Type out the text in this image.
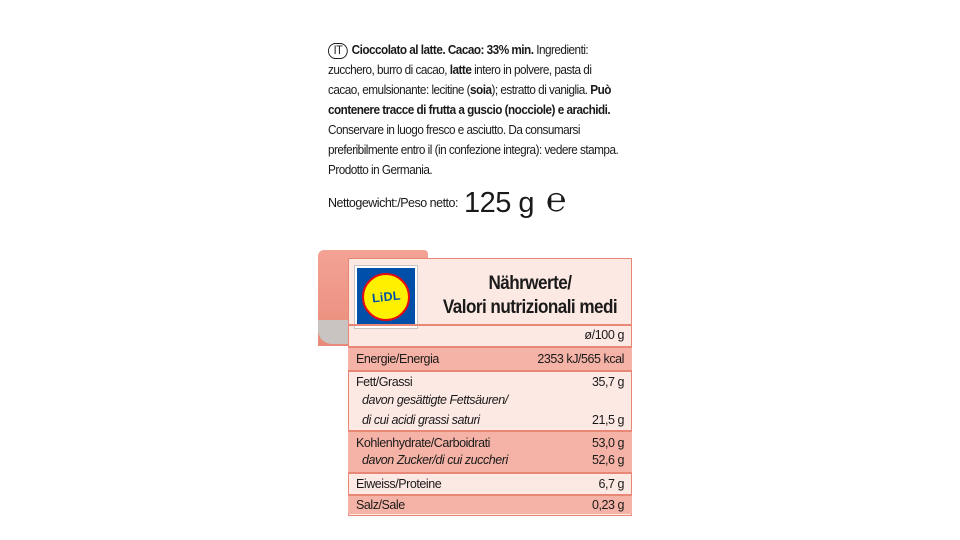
IT Cioccolato al latte. Cacao: 33% min. Ingredienti: zucchero, burro di cacao, latte intero in polvere, pasta di cacao, emulsionante: lecitine (soia); estratto di vaniglia. Può contenere tracce di frutta a guscio (nocciole) e arachidi. Conservare in luogo fresco e asciutto. Da consumarsi preferibilmente entro il (in confezione integra): vedere stampa. Prodotto in Germania.
Nettogewicht:/Peso netto: 125 g ℮
LiDL
Nährwerte/
Valori nutrizionali medi
ø/100 g
Energie/Energia	2353 kJ/565 kcal
Fett/Grassi	35,7 g
davon gesättigte Fettsäuren/
di cui acidi grassi saturi	21,5 g
Kohlenhydrate/Carboidrati	53,0 g
davon Zucker/di cui zuccheri	52,6 g
Eiweiss/Proteine	6,7 g
Salz/Sale	0,23 g
